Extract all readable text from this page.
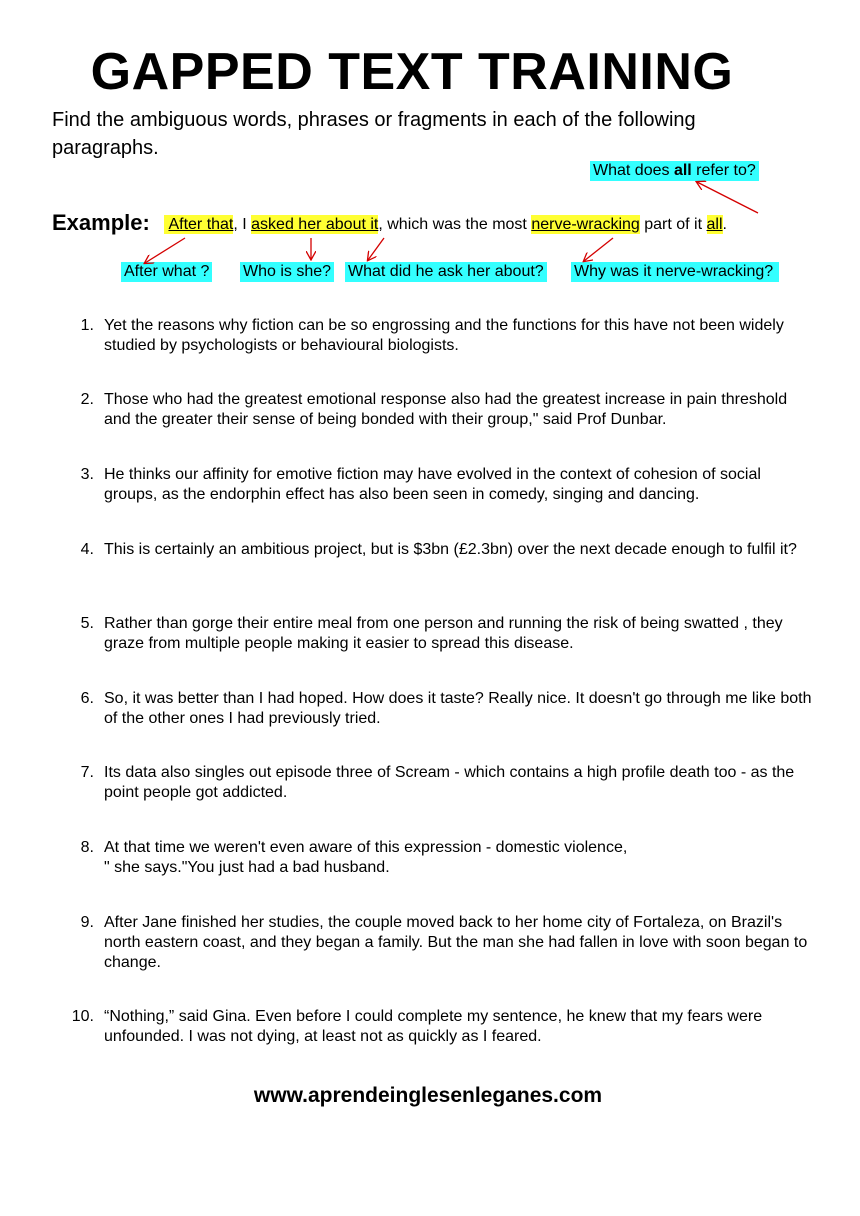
GAPPED TEXT TRAINING
Find the ambiguous words, phrases or fragments in each of the following paragraphs.
What does all refer to?
Example: After that, I asked her about it, which was the most nerve-wracking part of it all.
After what ? Who is she? What did he ask her about? Why was it nerve-wracking?
1. Yet the reasons why fiction can be so engrossing and the functions for this have not been widely studied by psychologists or behavioural biologists.
2. Those who had the greatest emotional response also had the greatest increase in pain threshold and the greater their sense of being bonded with their group," said Prof Dunbar.
3. He thinks our affinity for emotive fiction may have evolved in the context of cohesion of social groups, as the endorphin effect has also been seen in comedy, singing and dancing.
4. This is certainly an ambitious project, but is $3bn (£2.3bn) over the next decade enough to fulfil it?
5. Rather than gorge their entire meal from one person and running the risk of being swatted , they graze from multiple people making it easier to spread this disease.
6. So, it was better than I had hoped. How does it taste? Really nice. It doesn't go through me like both of the other ones I had previously tried.
7. Its data also singles out episode three of Scream - which contains a high profile death too - as the point people got addicted.
8. At that time we weren't even aware of this expression - domestic violence,
" she says."You just had a bad husband.
9. After Jane finished her studies, the couple moved back to her home city of Fortaleza, on Brazil's north eastern coast, and they began a family. But the man she had fallen in love with soon began to change.
10. “Nothing,” said Gina. Even before I could complete my sentence, he knew that my fears were unfounded. I was not dying, at least not as quickly as I feared.
www.aprendeinglesenleganes.com
